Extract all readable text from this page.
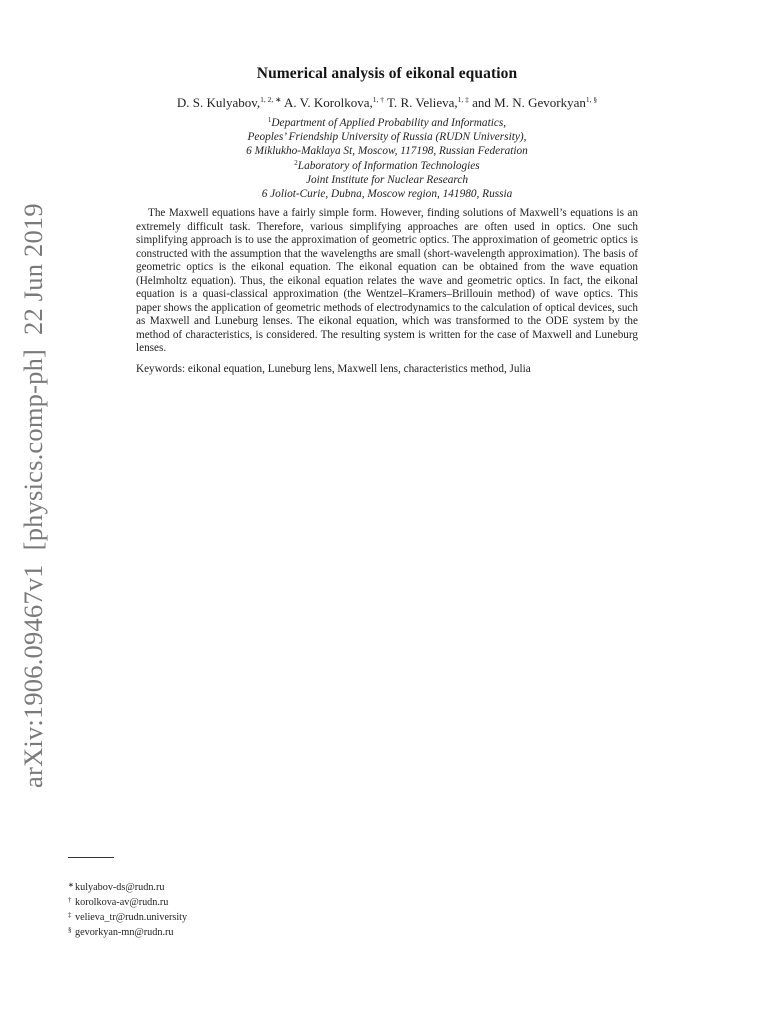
arXiv:1906.09467v1[physics.comp-ph]22 Jun 2019
Numerical analysis of eikonal equation
D. S. Kulyabov,$^{1, 2, ∗}$ A. V. Korolkova,$^{1, \dagger}$ T. R. Velieva,$^{1, \ddagger}$ and M. N. Gevorkyan$^{1, \S}$
$^1$Department of Applied Probability and Informatics,
Peoples’ Friendship University of Russia (RUDN University),
6 Miklukho-Maklaya St, Moscow, 117198, Russian Federation
$^2$Laboratory of Information Technologies
Joint Institute for Nuclear Research
6 Joliot-Curie, Dubna, Moscow region, 141980, Russia

The Maxwell equations have a fairly simple form. However, finding solutions of Maxwell’s equations is an extremely difficult task. Therefore, various simplifying approaches are often used in optics. One such simplifying approach is to use the approximation of geometric optics. The approximation of geometric optics is constructed with the assumption that the wavelengths are small (short-wavelength approximation). The basis of geometric optics is the eikonal equation. The eikonal equation can be obtained from the wave equation (Helmholtz equation). Thus, the eikonal equation relates the wave and geometric optics. In fact, the eikonal equation is a quasi-classical approximation (the Wentzel–Kramers–Brillouin method) of wave optics. This paper shows the application of geometric methods of electrodynamics to the calculation of optical devices, such as Maxwell and Luneburg lenses. The eikonal equation, which was transformed to the ODE system by the method of characteristics, is considered. The resulting system is written for the case of Maxwell and Luneburg lenses.

Keywords: eikonal equation, Luneburg lens, Maxwell lens, characteristics method, Julia
∗kulyabov-ds@rudn.ru
† korolkova-av@rudn.ru
‡ velieva_tr@rudn.university
§ gevorkyan-mn@rudn.ru
